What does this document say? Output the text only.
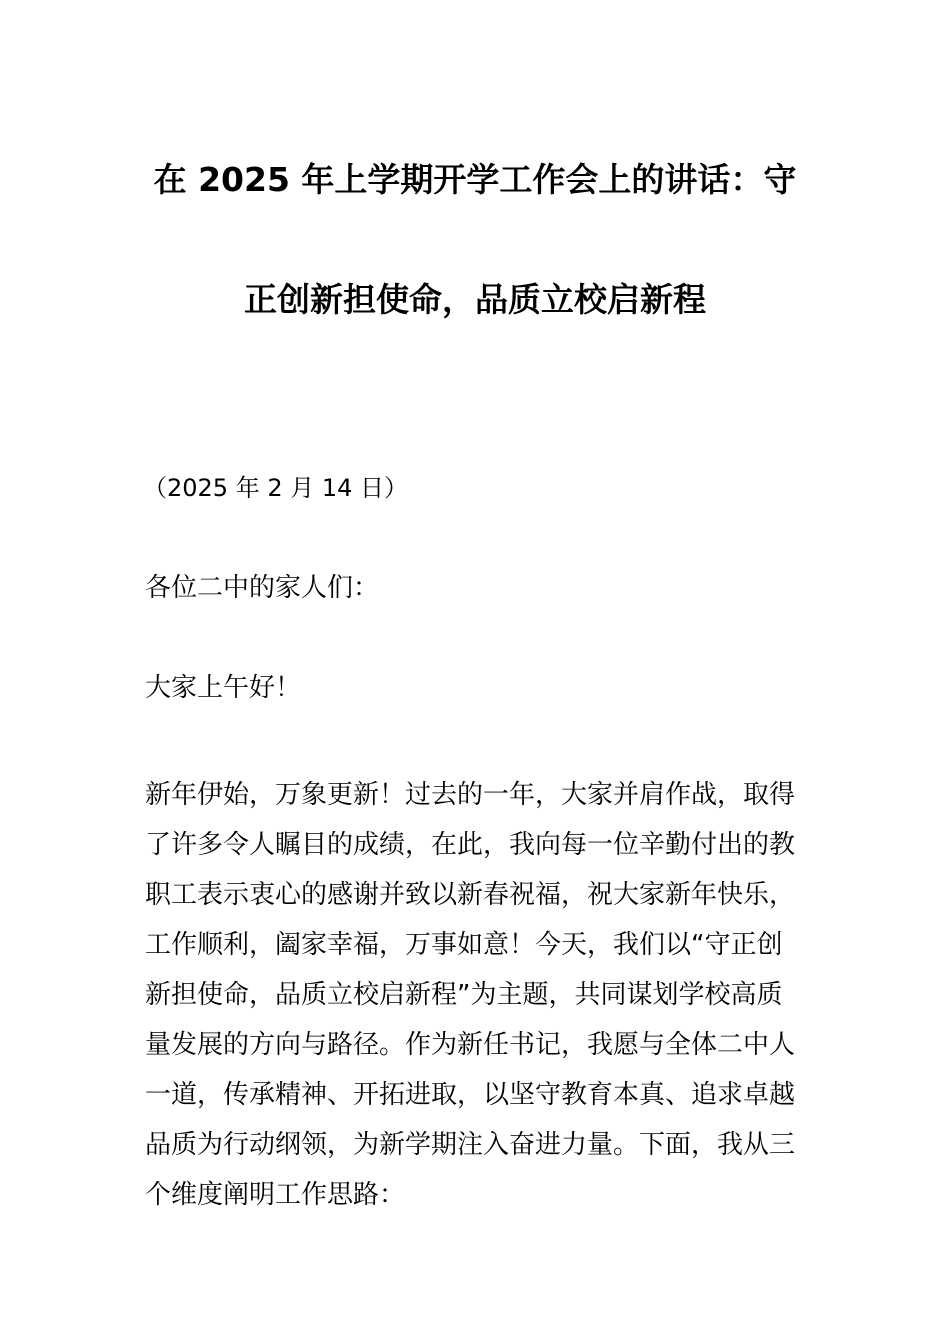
在 2025 年上学期开学工作会上的讲话：守
正创新担使命，品质立校启新程
（2025 年 2 月 14 日）
各位二中的家人们：
大家上午好！
新年伊始，万象更新！过去的一年，大家并肩作战，取得
了许多令人瞩目的成绩，在此，我向每一位辛勤付出的教
职工表示衷心的感谢并致以新春祝福，祝大家新年快乐，
工作顺利，阖家幸福，万事如意！今天，我们以“守正创
新担使命，品质立校启新程”为主题，共同谋划学校高质
量发展的方向与路径。作为新任书记，我愿与全体二中人
一道，传承精神、开拓进取，以坚守教育本真、追求卓越
品质为行动纲领，为新学期注入奋进力量。下面，我从三
个维度阐明工作思路：
